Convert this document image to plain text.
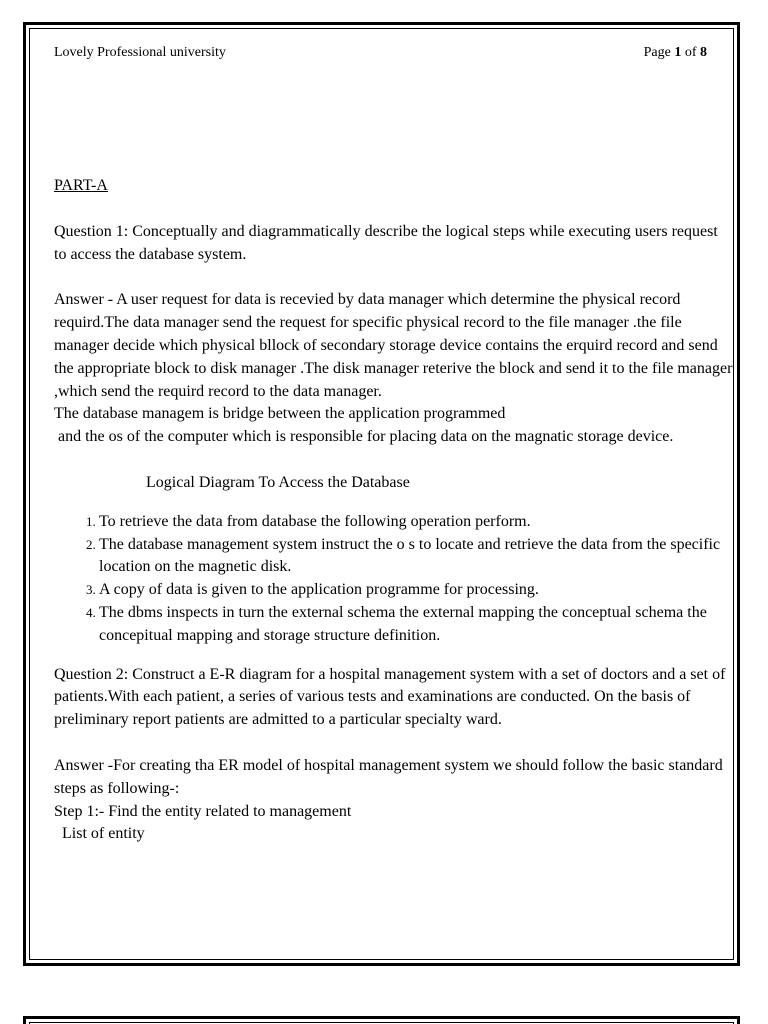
Lovely Professional university	Page 1 of 8
PART-A
Question 1: Conceptually and diagrammatically describe the logical steps while executing users request to access the database system.
Answer - A user request for data is recevied by data manager which determine the physical record requird.The data manager send the request for specific physical record to the file manager .the file manager decide which physical bllock of secondary storage device contains the erquird record and send the appropriate block to disk manager .The disk manager reterive the block and send it to the file manager ,which send the requird record to the data manager.
The database managem is bridge between the application programmed
and the os of the computer which is responsible for placing data on the magnatic storage device.
Logical Diagram To Access the Database
1. To retrieve the data from database the following operation perform.
2. The database management system instruct the o s to locate and retrieve the data from the specific location on the magnetic disk.
3. A copy of data is given to the application programme for processing.
4. The dbms inspects in turn the external schema the external mapping the conceptual schema the concepitual mapping and storage structure definition.
Question 2: Construct a E-R diagram for a hospital management system with a set of doctors and a set of patients.With each patient, a series of various tests and examinations are conducted. On the basis of preliminary report patients are admitted to a particular specialty ward.
Answer -For creating tha ER model of hospital management system we should follow the basic standard steps as following-:
Step 1:- Find the entity related to management
List of entity
